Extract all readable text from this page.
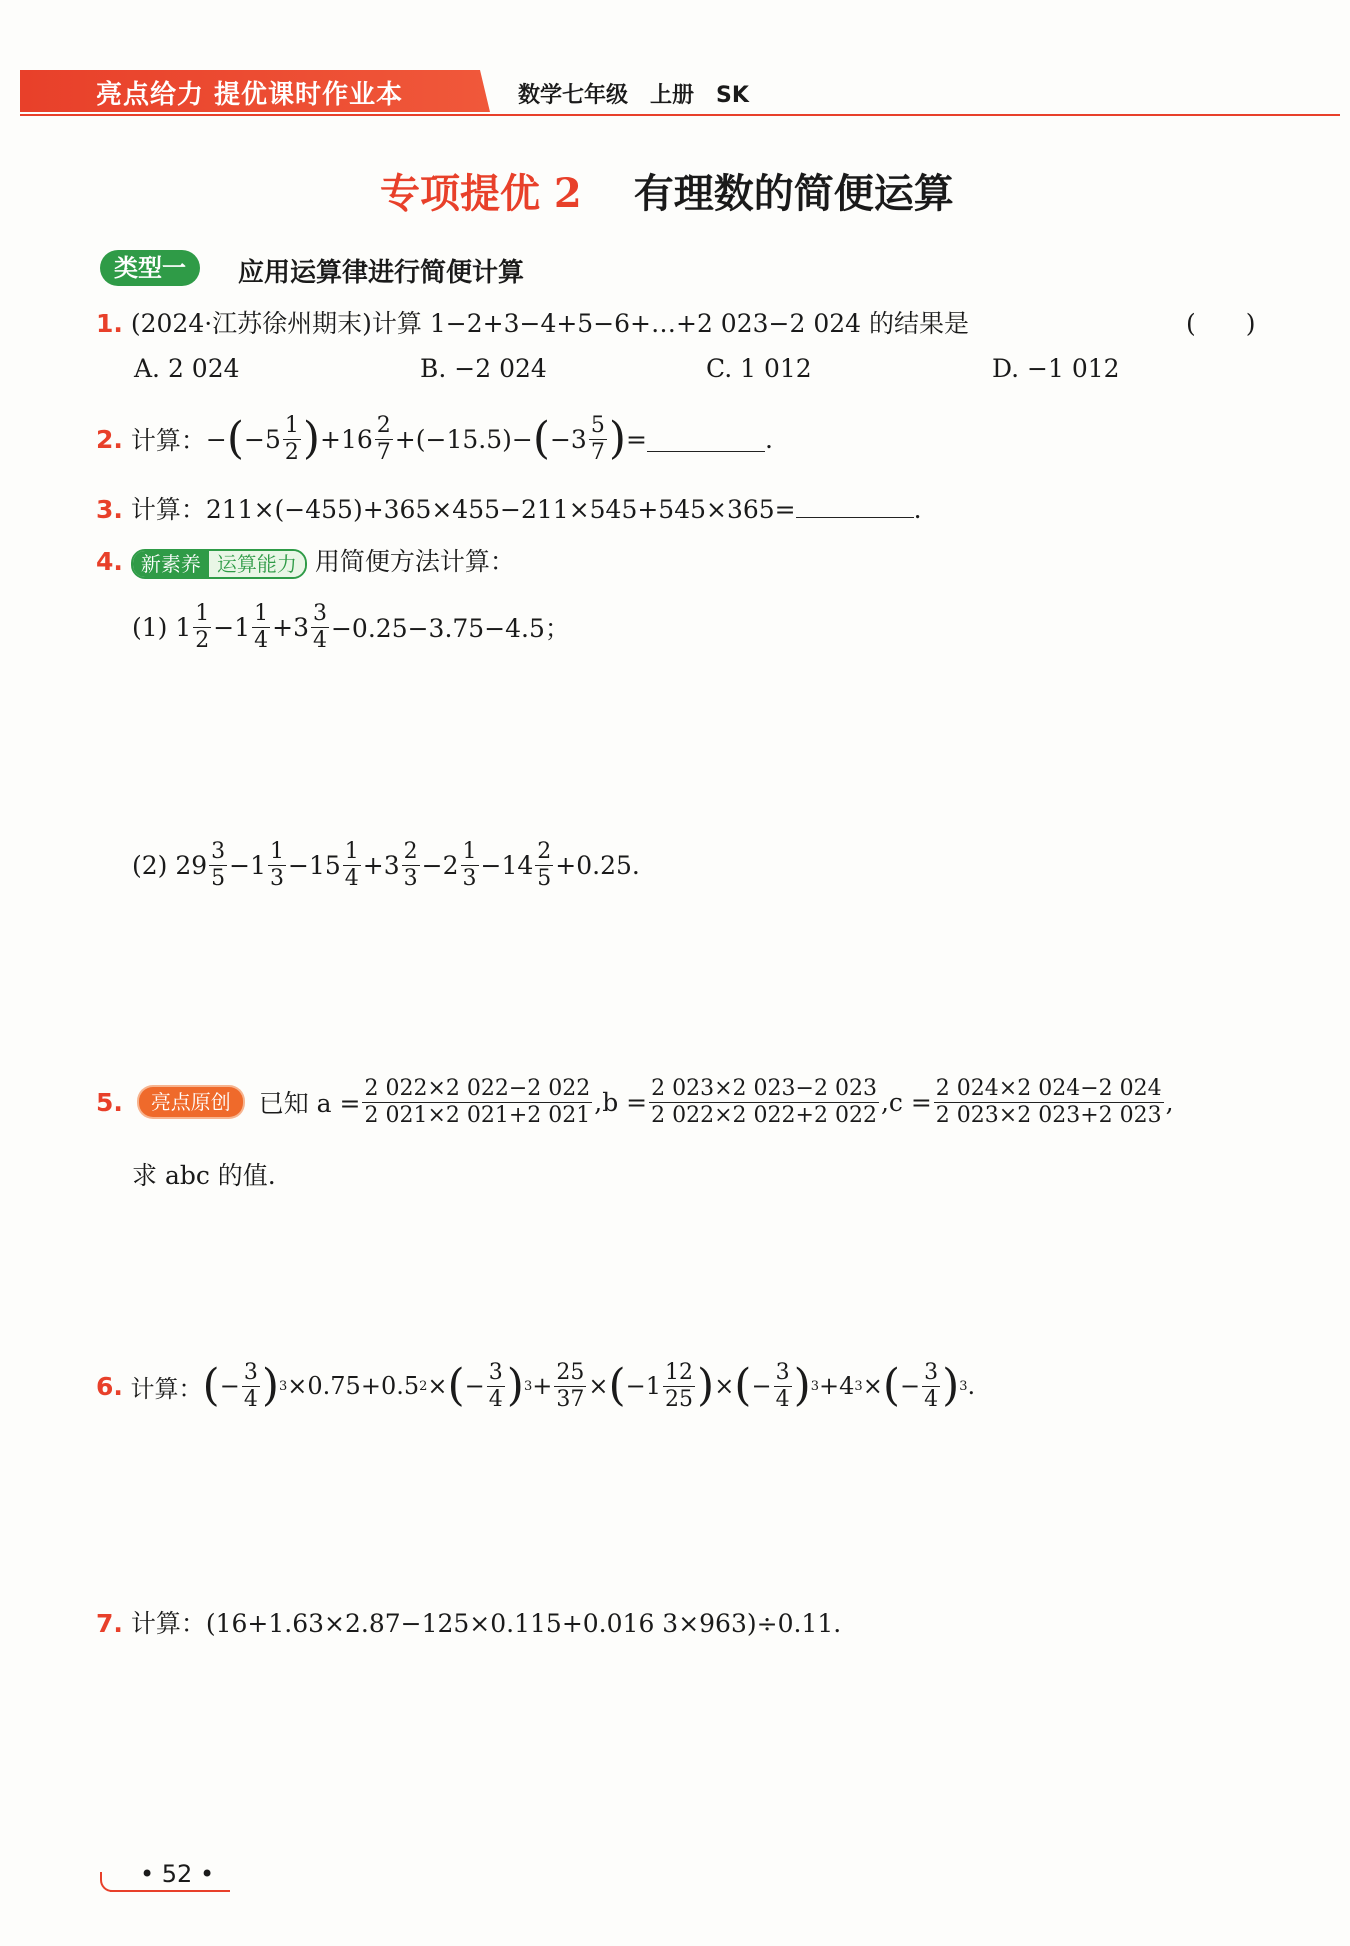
亮点给力 提优课时作业本	数学七年级 上册 SK
专项提优 2 有理数的简便运算
类型一	应用运算律进行简便计算
1. (2024·江苏徐州期末)计算 1−2+3−4+5−6+…+2 023−2 024 的结果是	(　　)
A. 2 024	B. −2 024	C. 1 012	D. −1 012
2.
计算： − ( $-5 \frac{1}{2}$ ) $+16 \frac{2}{7} +(-15.5)-$ ( $-3 \frac{5}{7}$ ) =	.
3. 计算：211×(−455)+365×455−211×545+545×365=	.
4. 新素养 运算能力 用简便方法计算：
(1) $1 \frac{1}{2} -1 \frac{1}{4} +3 \frac{3}{4} -0.25-3.75-4.5$；
(2) $29 \frac{3}{5} -1 \frac{1}{3} -15 \frac{1}{4} +3 \frac{2}{3} -2 \frac{1}{3} -14 \frac{2}{5} +0.25$.
5.
	亮点原创
	已知 $a = \frac{2 022\times 2 022-2 022}{2 021\times 2 021+2 021} ,b = \frac{2 023\times 2 023-2 023}{2 022\times 2 022+2 022} ,c = \frac{2 024\times 2 024-2 024}{2 023\times 2 023+2 023}$ ,
求 abc 的值.
6.
计算： ( − $\frac{3}{4}$ ) 3 ×0.75+0.5 2 × ( − $\frac{3}{4}$ ) $3 + \frac{25}{37}$ × ( $-1 \frac{12}{25}$ ) × ( − $\frac{3}{4}$ ) 3 +4 3 × ( − $\frac{3}{4}$ ) 3 .
7. 计算：(16+1.63×2.87−125×0.115+0.016 3×963)÷0.11.
• 52 •
